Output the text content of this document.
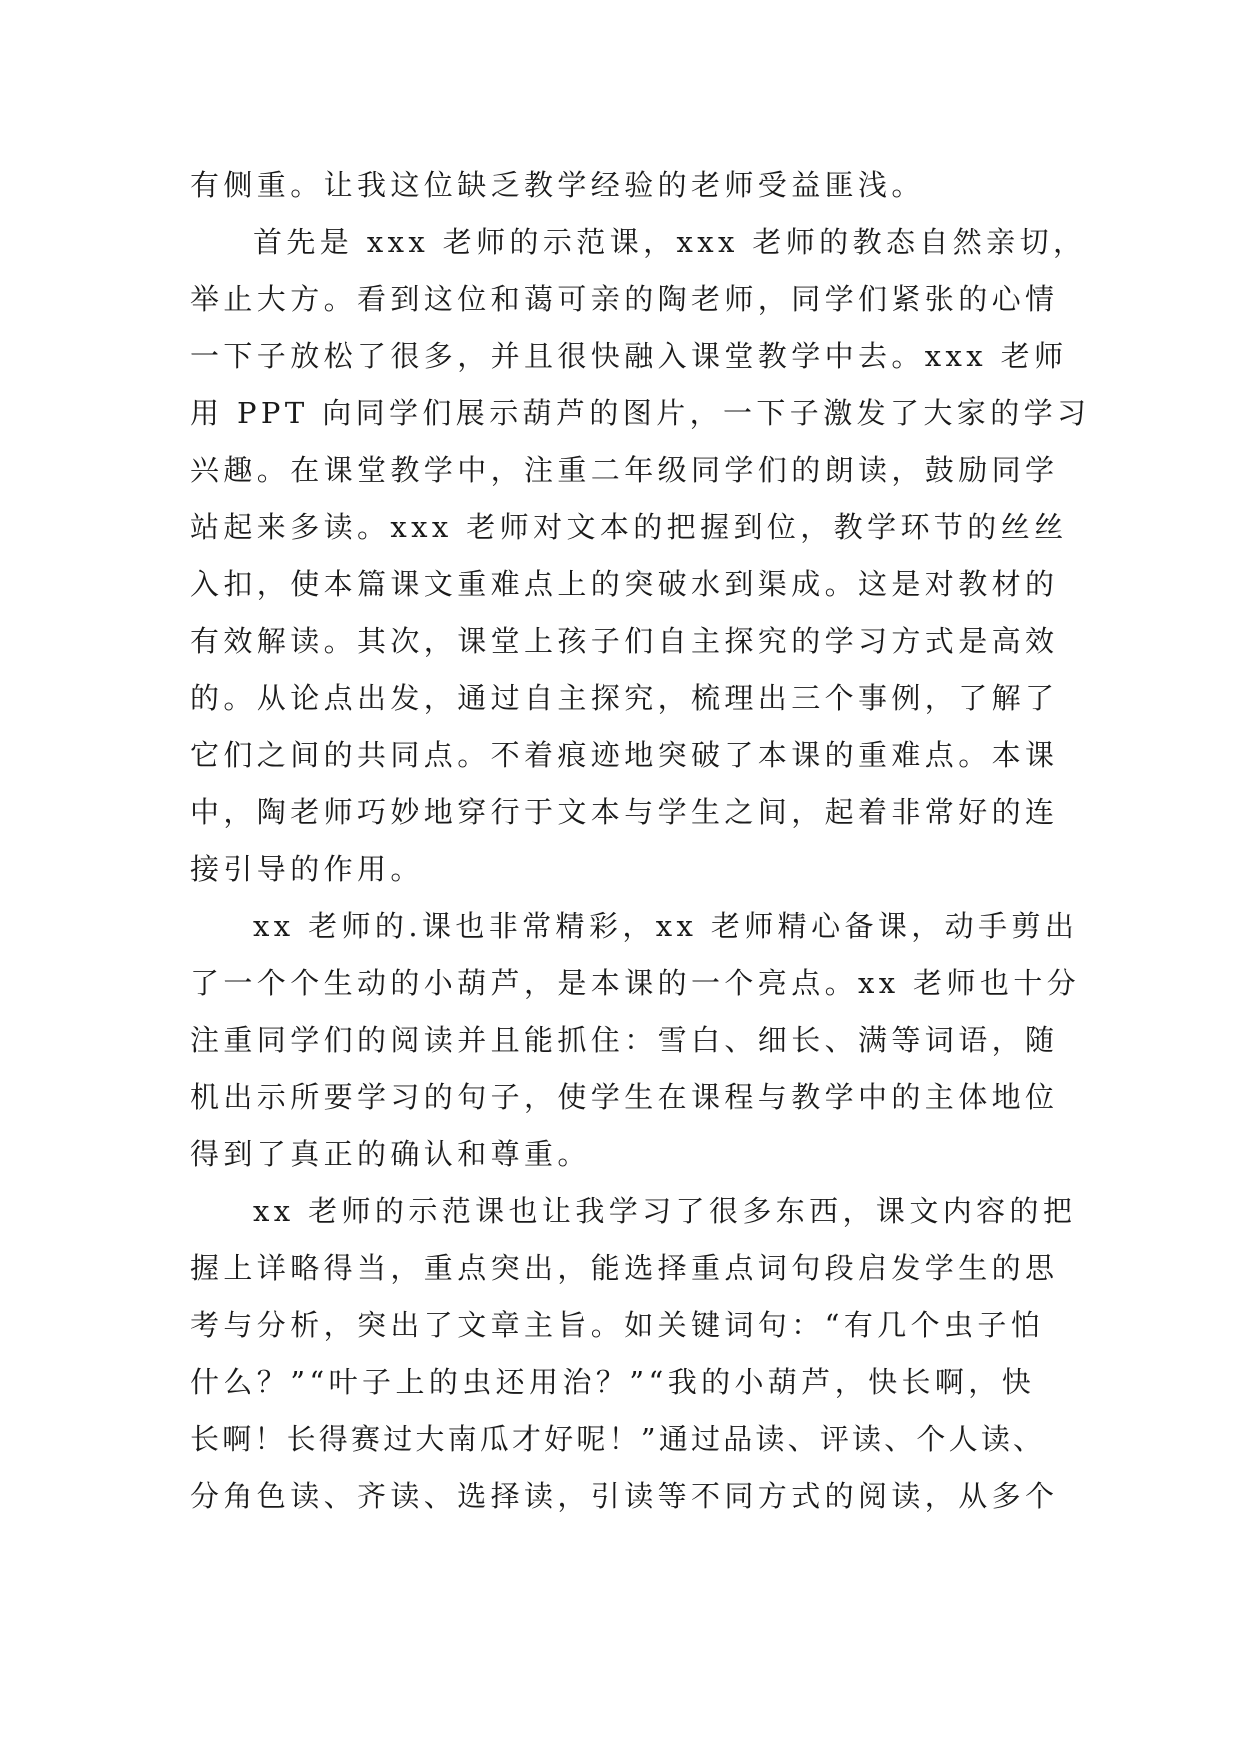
有侧重。让我这位缺乏教学经验的老师受益匪浅。

首先是 xxx 老师的示范课，xxx 老师的教态自然亲切，

举止大方。看到这位和蔼可亲的陶老师，同学们紧张的心情

一下子放松了很多，并且很快融入课堂教学中去。xxx 老师

用 PPT 向同学们展示葫芦的图片，一下子激发了大家的学习

兴趣。在课堂教学中，注重二年级同学们的朗读，鼓励同学

站起来多读。xxx 老师对文本的把握到位，教学环节的丝丝

入扣，使本篇课文重难点上的突破水到渠成。这是对教材的

有效解读。其次，课堂上孩子们自主探究的学习方式是高效

的。从论点出发，通过自主探究，梳理出三个事例，了解了

它们之间的共同点。不着痕迹地突破了本课的重难点。本课

中，陶老师巧妙地穿行于文本与学生之间，起着非常好的连

接引导的作用。

xx 老师的.课也非常精彩，xx 老师精心备课，动手剪出

了一个个生动的小葫芦，是本课的一个亮点。xx 老师也十分

注重同学们的阅读并且能抓住：雪白、细长、满等词语，随

机出示所要学习的句子，使学生在课程与教学中的主体地位

得到了真正的确认和尊重。

xx 老师的示范课也让我学习了很多东西，课文内容的把

握上详略得当，重点突出，能选择重点词句段启发学生的思

考与分析，突出了文章主旨。如关键词句：“有几个虫子怕

什么？”“叶子上的虫还用治？”“我的小葫芦，快长啊，快

长啊！长得赛过大南瓜才好呢！”通过品读、评读、个人读、

分角色读、齐读、选择读，引读等不同方式的阅读，从多个
